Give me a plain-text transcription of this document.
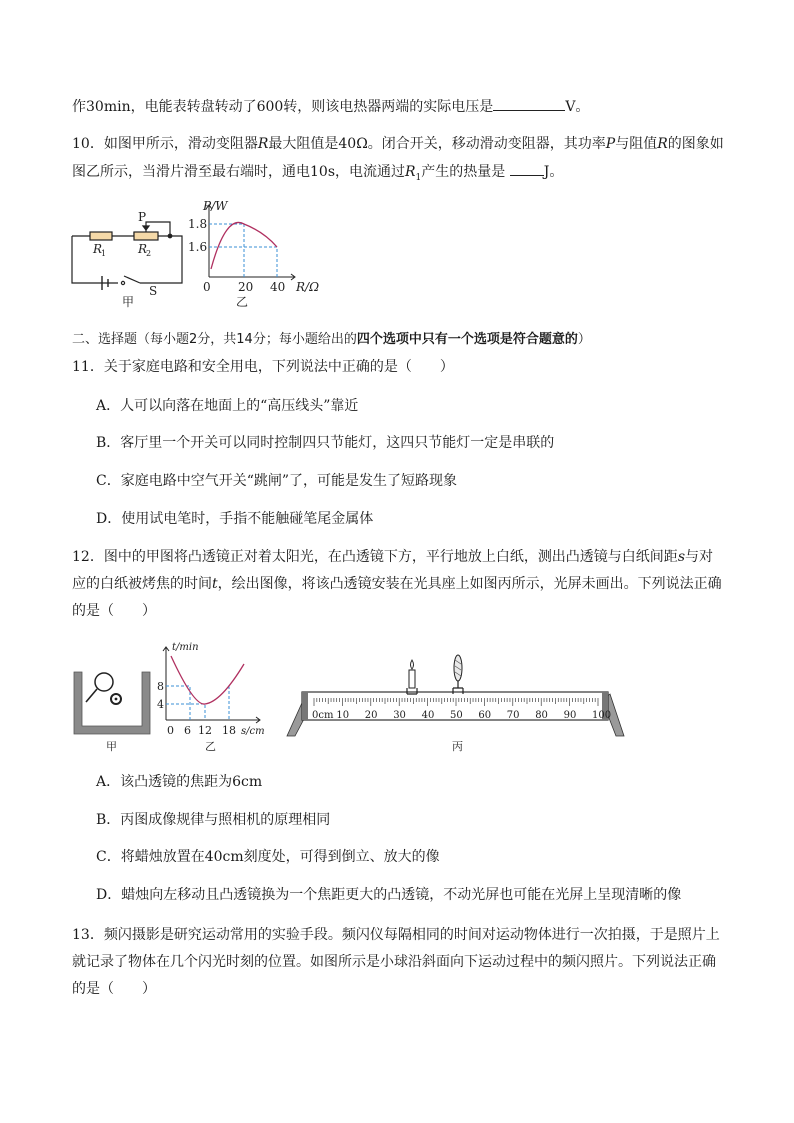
作30min，电能表转盘转动了600转，则该电热器两端的实际电压是	V。
10．如图甲所示，滑动变阻器R最大阻值是40Ω。闭合开关，移动滑动变阻器，其功率P与阻值R的图象如
图乙所示，当滑片滑至最右端时，通电10s，电流通过$R_1$产生的热量是	J。
R
1	R
2
P
S
甲
P/W
1.8
1.6
0 20 40 R/Ω
乙
二、选择题（每小题2分，共14分；每小题给出的四个选项中只有一个选项是符合题意的）
11．关于家庭电路和安全用电，下列说法中正确的是（　　）
A．人可以向落在地面上的“高压线头”靠近
B．客厅里一个开关可以同时控制四只节能灯，这四只节能灯一定是串联的
C．家庭电路中空气开关“跳闸”了，可能是发生了短路现象
D．使用试电笔时，手指不能触碰笔尾金属体
12．图中的甲图将凸透镜正对着太阳光，在凸透镜下方，平行地放上白纸，测出凸透镜与白纸间距s与对
应的白纸被烤焦的时间t，绘出图像，将该凸透镜安装在光具座上如图丙所示，光屏未画出。下列说法正确
的是（　　）
甲
t/min
8
4
0 6 12 18 s/cm
乙
0cm 10 20 30 40 50 60 70 80 90 100
丙
A．该凸透镜的焦距为6cm
B．丙图成像规律与照相机的原理相同
C．将蜡烛放置在40cm刻度处，可得到倒立、放大的像
D．蜡烛向左移动且凸透镜换为一个焦距更大的凸透镜，不动光屏也可能在光屏上呈现清晰的像
13．频闪摄影是研究运动常用的实验手段。频闪仪每隔相同的时间对运动物体进行一次拍摄，于是照片上
就记录了物体在几个闪光时刻的位置。如图所示是小球沿斜面向下运动过程中的频闪照片。下列说法正确
的是（　　）
